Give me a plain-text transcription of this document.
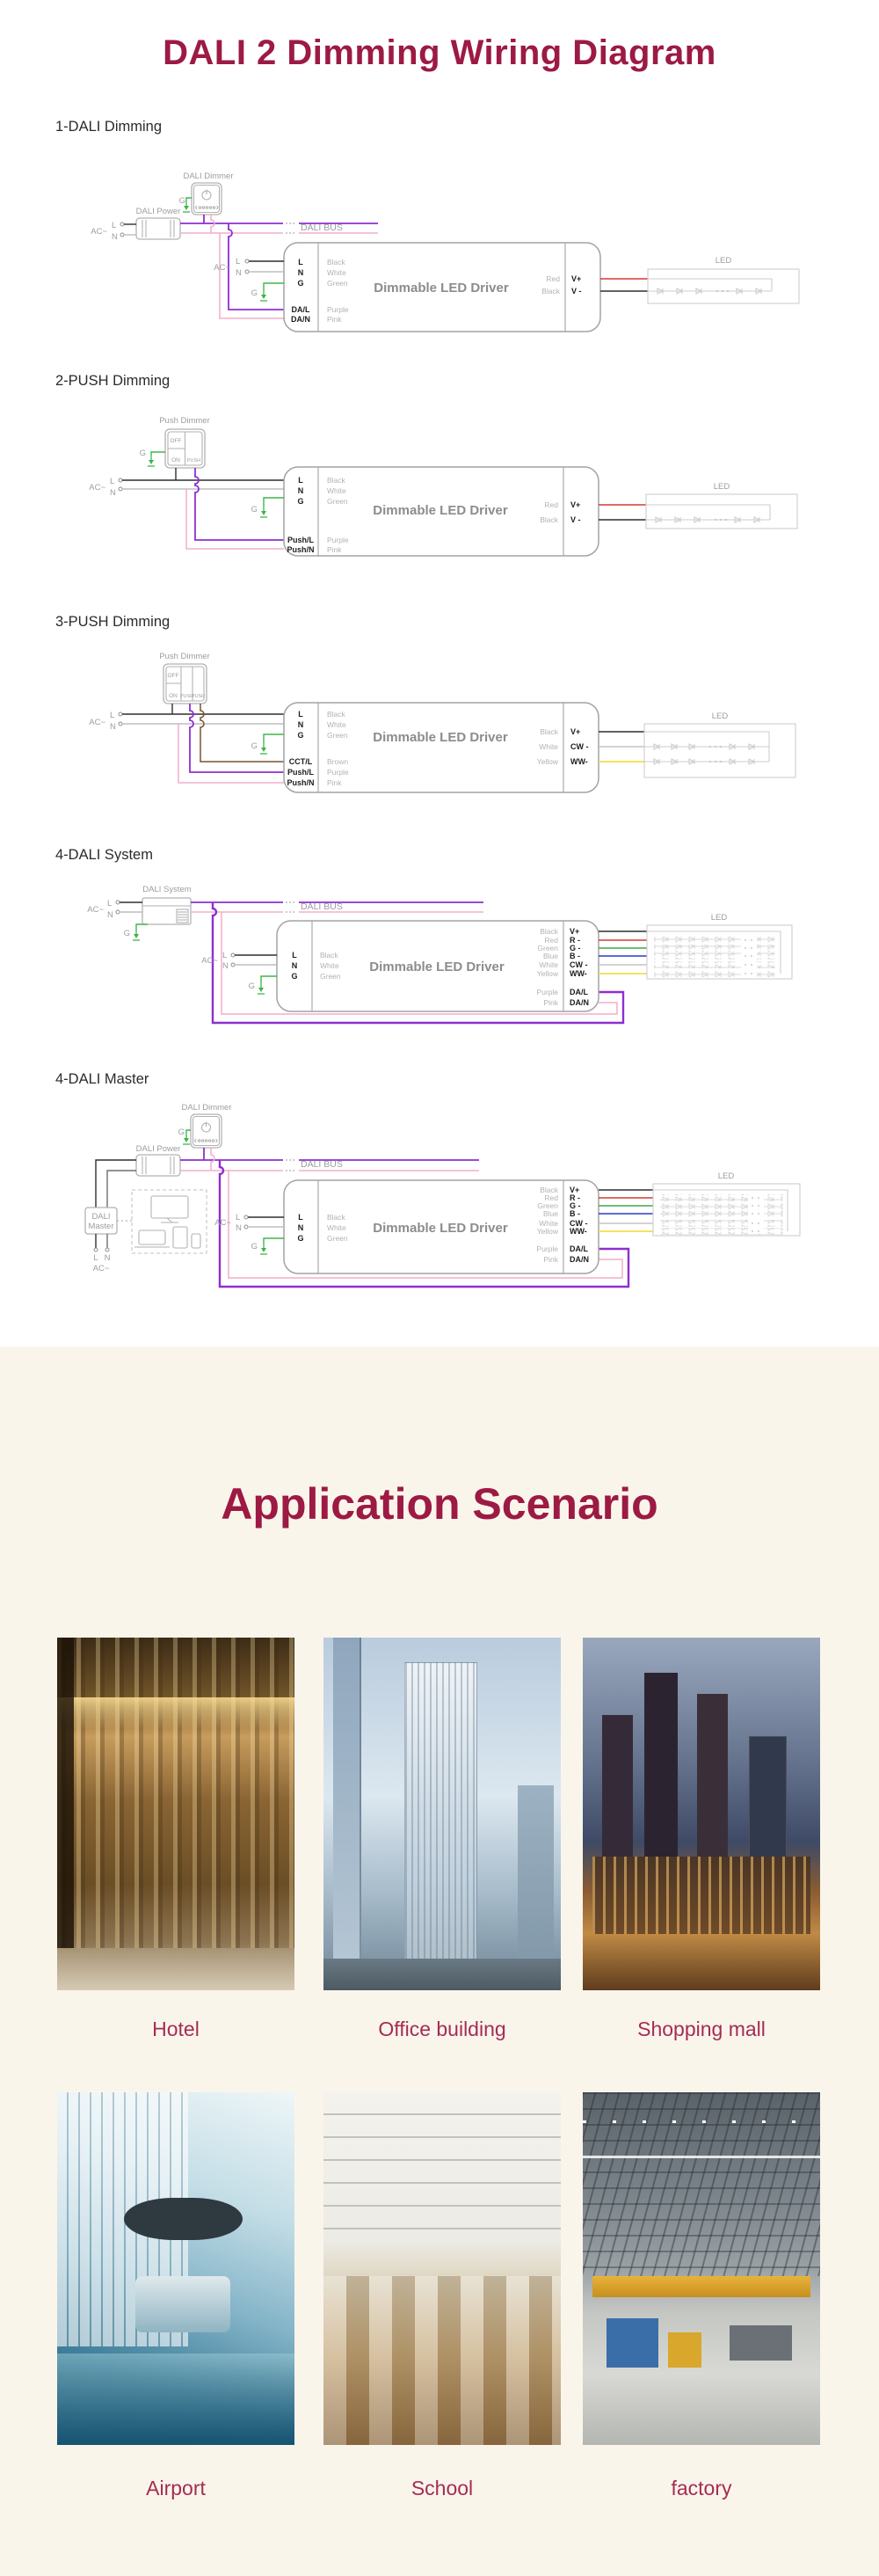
DALI 2 Dimming Wiring Diagram
1-DALI Dimming
DALI Dimmer
G
DALI Power
AC~
L
N
DALI BUS
L
N
G
Black
White
Green
DA/L
DA/N
Purple
Pink
Dimmable LED Driver
Red
Black
V+
V -
AC~
L
N
G
LED
2-PUSH Dimming
Push Dimmer
OFF
ON PUSH
G
AC~
L
N
L
N
G
Black
White
Green
Push/L
Push/N
Purple
Pink
Dimmable LED Driver	Red
Black
V+
V -
G
LED
3-PUSH Dimming
Push Dimmer
OFF
ON PUSH
PUSH
AC~
L
N
L
N
G
Black
White
Green
CCT/L
Push/L
Push/N
Brown
Purple
Pink
Dimmable LED Driver	Black
White
Yellow
V+
CW -
WW-
G
LED
4-DALI System
DALI System
G
AC~
L
N
DALI BUS
L
N
G
Black
White
Green
Dimmable LED Driver
Black
Red
Green
Blue
White
Yellow
Purple
Pink
V+
R -
G -
B -
CW -
WW-
DA/L
DA/N
AC~
L
N
G
LED
4-DALI Master
DALI Dimmer
G
DALI Power
DALI BUS
DALI
Master
L N
AC~
L
N
G
Black
White
Green
Dimmable LED Driver
Black
Red
Green
Blue
White
Yellow
Purple
Pink
V+
R -
G -
B -
CW -
WW-
DA/L
DA/N
AC~
L
N
G
LED
Application Scenario
Hotel	Office building	Shopping mall
Airport	School	factory
